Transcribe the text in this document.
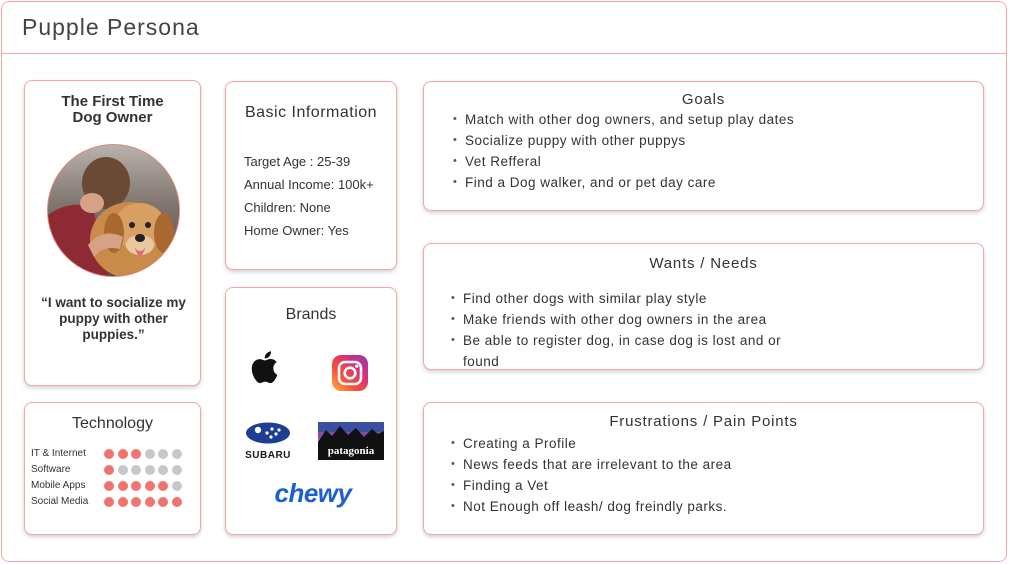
Pupple Persona
The First Time Dog Owner
“I want to socialize my puppy with other puppies.”
Technology
IT & Internet
Software
Mobile Apps
Social Media
Basic Information
Target Age : 25-39
Annual Income: 100k+
Children: None
Home Owner: Yes
Brands
SUBARU	patagonia
chewy
Goals
• Match with other dog owners, and setup play dates
• Socialize puppy with other puppys
• Vet Refferal
• Find a Dog walker, and or pet day care
Wants / Needs
• Find other dogs with similar play style
• Make friends with other dog owners in the area
• Be able to register dog, in case dog is lost and or found
Frustrations / Pain Points
• Creating a Profile
• News feeds that are irrelevant to the area
• Finding a Vet
• Not Enough off leash/ dog freindly parks.
